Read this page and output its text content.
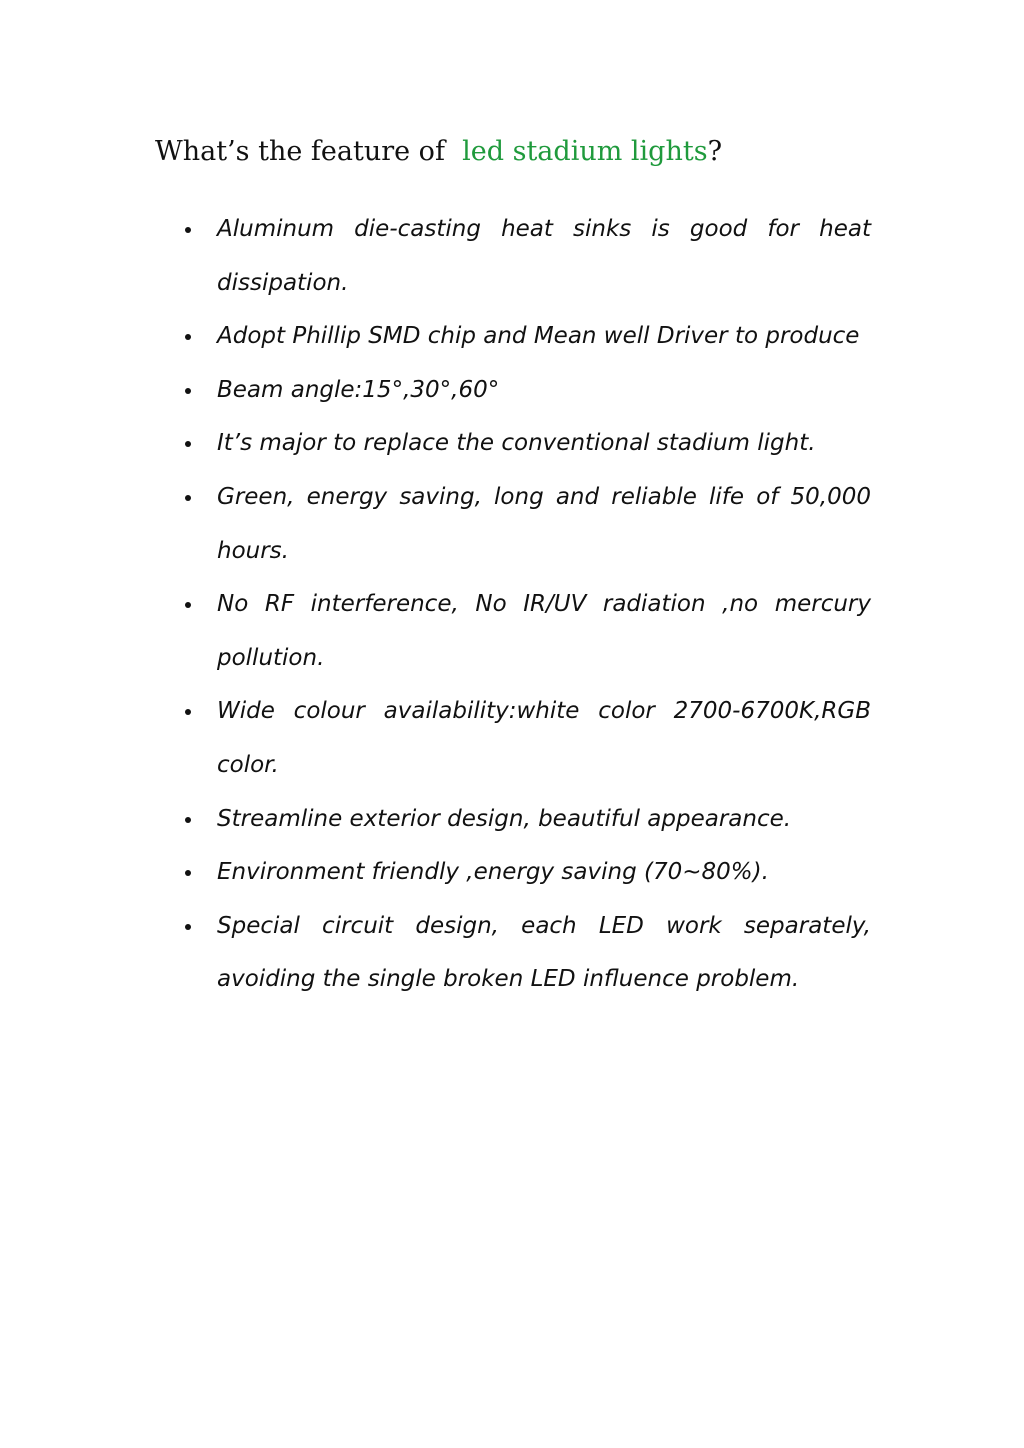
What’s the feature of  led stadium lights?
Aluminum die-casting heat sinks is good for heat dissipation.
Adopt Phillip SMD chip and Mean well Driver to produce
Beam angle:15°,30°,60°
It’s major to replace the conventional stadium light.
Green, energy saving, long and reliable life of 50,000 hours.
No RF interference, No IR/UV radiation ,no mercury pollution.
Wide colour availability:white color 2700-6700K,RGB color.
Streamline exterior design, beautiful appearance.
Environment friendly ,energy saving (70~80%).
Special circuit design, each LED work separately, avoiding the single broken LED influence problem.
